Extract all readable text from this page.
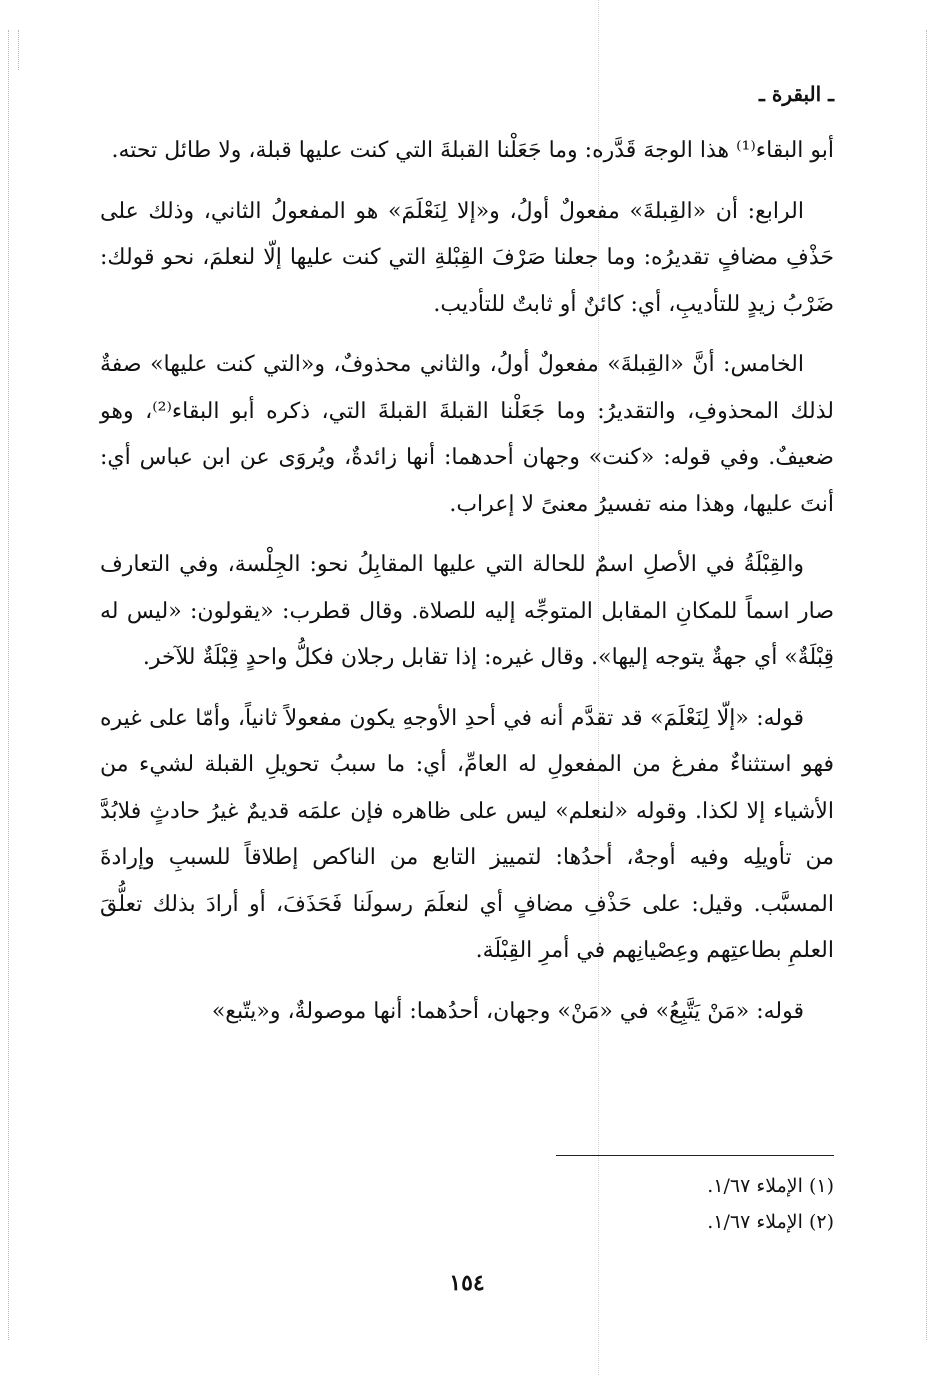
ـ البقرة ـ

أبو البقاء⁽¹⁾ هذا الوجهَ قَدَّره: وما جَعَلْنا القبلةَ التي كنت عليها قبلة، ولا طائل تحته.

الرابع: أن «القِبلةَ» مفعولٌ أولُ، و«إلا لِنَعْلَمَ» هو المفعولُ الثاني، وذلك على حَذْفِ مضافٍ تقديرُه: وما جعلنا صَرْفَ القِبْلةِ التي كنت عليها إلّا لنعلمَ، نحو قولك: ضَرْبُ زيدٍ للتأديبِ، أي: كائنٌ أو ثابتٌ للتأديب.

الخامس: أنَّ «القِبلةَ» مفعولٌ أولُ، والثاني محذوفٌ، و«التي كنت عليها» صفةٌ لذلك المحذوفِ، والتقديرُ: وما جَعَلْنا القبلةَ القبلةَ التي، ذكره أبو البقاء⁽²⁾، وهو ضعيفٌ. وفي قوله: «كنت» وجهان أحدهما: أنها زائدةٌ، ويُروَى عن ابن عباس أي: أنتَ عليها، وهذا منه تفسيرُ معنىً لا إعراب.

والقِبْلَةُ في الأصلِ اسمٌ للحالة التي عليها المقابِلُ نحو: الجِلْسة، وفي التعارف صار اسماً للمكانِ المقابل المتوجِّه إليه للصلاة. وقال قطرب: «يقولون: «ليس له قِبْلَةٌ» أي جهةٌ يتوجه إليها». وقال غيره: إذا تقابل رجلان فكلُّ واحدٍ قِبْلَةٌ للآخر.

قوله: «إلّا لِنَعْلَمَ» قد تقدَّم أنه في أحدِ الأوجهِ يكون مفعولاً ثانياً، وأمّا على غيره فهو استثناءٌ مفرغ من المفعولِ له العامِّ، أي: ما سببُ تحويلِ القبلة لشيء من الأشياء إلا لكذا. وقوله «لنعلم» ليس على ظاهره فإن علمَه قديمٌ غيرُ حادثٍ فلابُدَّ من تأويلِه وفيه أوجهٌ، أحدُها: لتمييز التابع من الناكص إطلاقاً للسببِ وإرادةَ المسبَّب. وقيل: على حَذْفِ مضافٍ أي لنعلَمَ رسولَنا فَحَذَفَ، أو أرادَ بذلك تعلُّقَ العلمِ بطاعتِهم وعِصْيانِهم في أمرِ القِبْلَة.

قوله: «مَنْ يَتَّبِعُ» في «مَنْ» وجهان، أحدُهما: أنها موصولةٌ، و«يتّبع»

(١) الإملاء ١/٦٧.
(٢) الإملاء ١/٦٧.
١٥٤
